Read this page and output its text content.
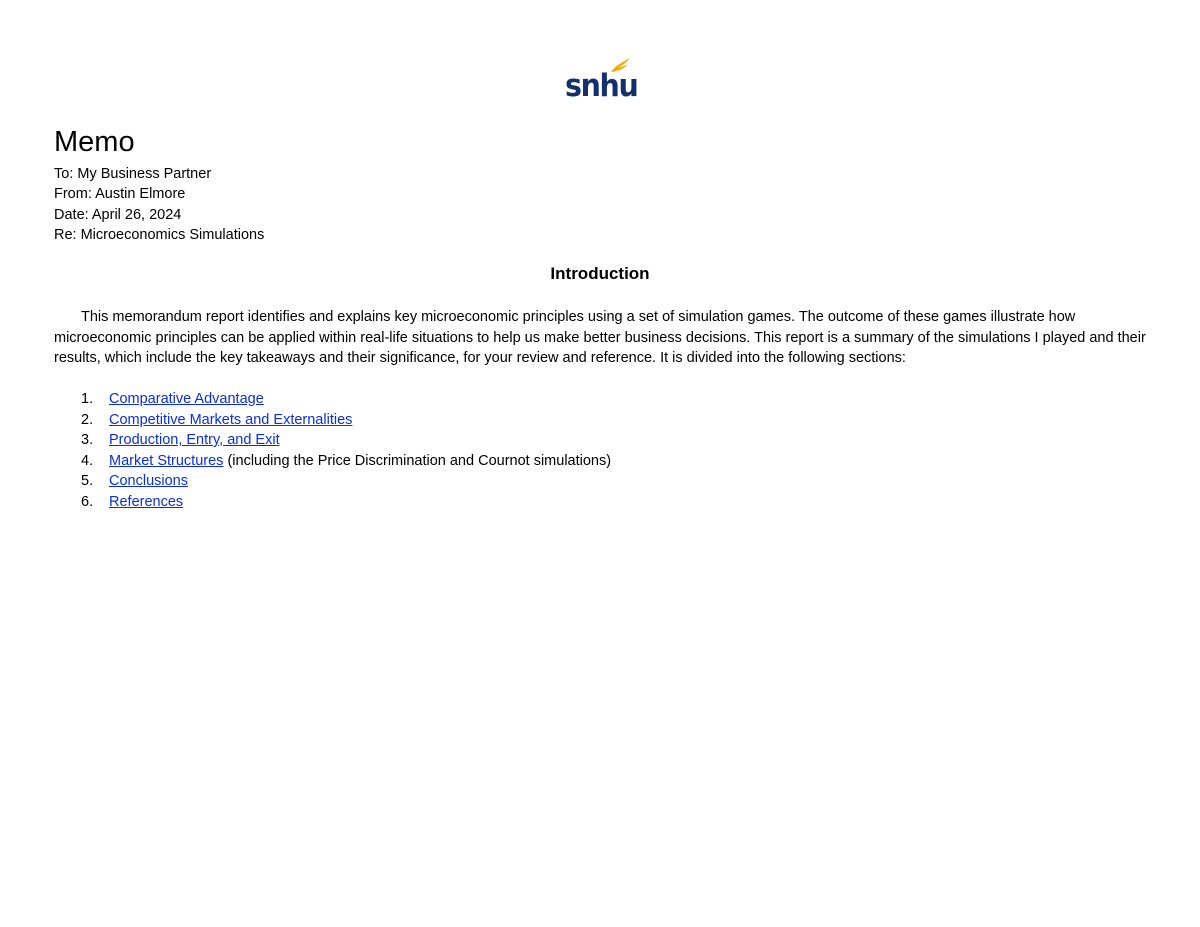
snhu
Memo
To: My Business Partner
From: Austin Elmore
Date: April 26, 2024
Re: Microeconomics Simulations
Introduction

This memorandum report identifies and explains key microeconomic principles using a set of simulation games. The outcome of these games illustrate how microeconomic principles can be applied within real-life situations to help us make better business decisions. This report is a summary of the simulations I played and their results, which include the key takeaways and their significance, for your review and reference. It is divided into the following sections:

1. Comparative Advantage
2. Competitive Markets and Externalities
3. Production, Entry, and Exit
4. Market Structures (including the Price Discrimination and Cournot simulations)
5. Conclusions
6. References
